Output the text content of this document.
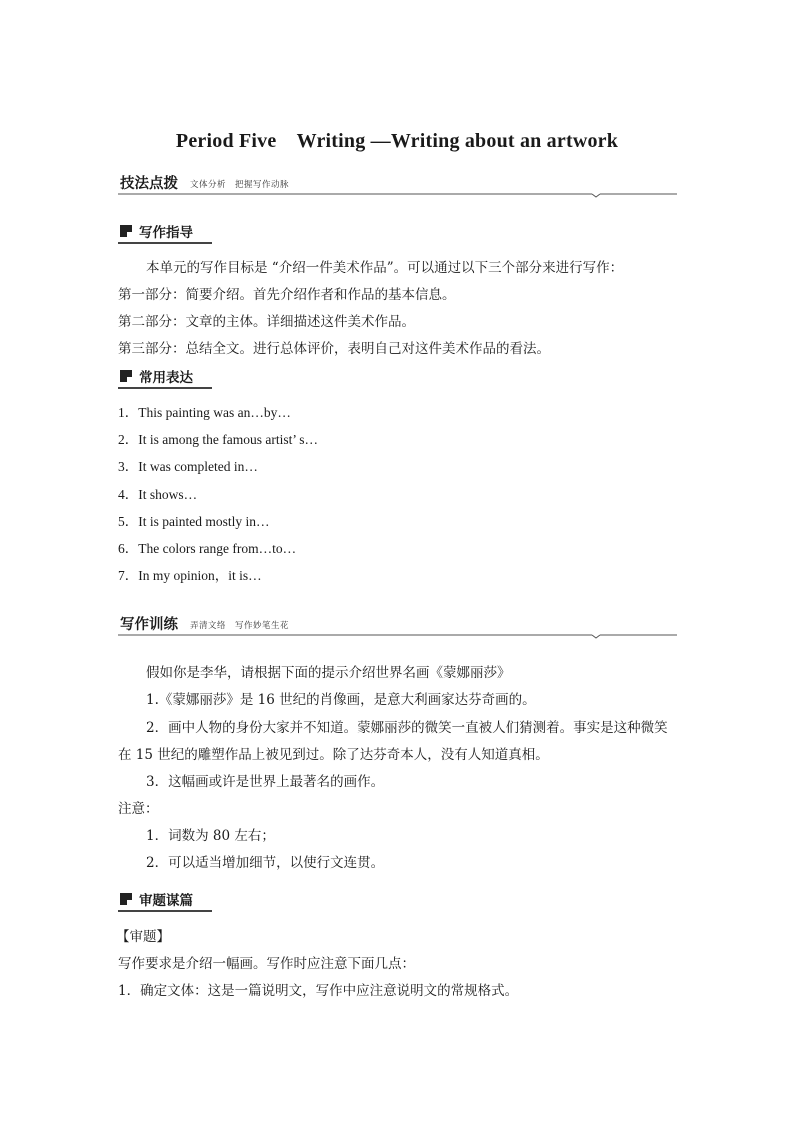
Period Five　Writing —Writing about an artwork
技法点拨 文体分析　把握写作动脉
写作指导
本单元的写作目标是 “介绍一件美术作品”。可以通过以下三个部分来进行写作：
第一部分：简要介绍。首先介绍作者和作品的基本信息。
第二部分：文章的主体。详细描述这件美术作品。
第三部分：总结全文。进行总体评价，表明自己对这件美术作品的看法。
常用表达
1．This painting was an…by…
2．It is among the famous artist’ s…
3．It was completed in…
4．It shows…
5．It is painted mostly in…
6．The colors range from…to…
7．In my opinion，it is…
写作训练 弄清文络　写作妙笔生花
假如你是李华，请根据下面的提示介绍世界名画《蒙娜丽莎》
1.《蒙娜丽莎》是 16 世纪的肖像画，是意大利画家达芬奇画的。
2．画中人物的身份大家并不知道。蒙娜丽莎的微笑一直被人们猜测着。事实是这种微笑
在 15 世纪的雕塑作品上被见到过。除了达芬奇本人，没有人知道真相。
3．这幅画或许是世界上最著名的画作。
注意：
1．词数为 80 左右；
2．可以适当增加细节，以使行文连贯。
审题谋篇
【审题】
写作要求是介绍一幅画。写作时应注意下面几点：
1．确定文体：这是一篇说明文，写作中应注意说明文的常规格式。
